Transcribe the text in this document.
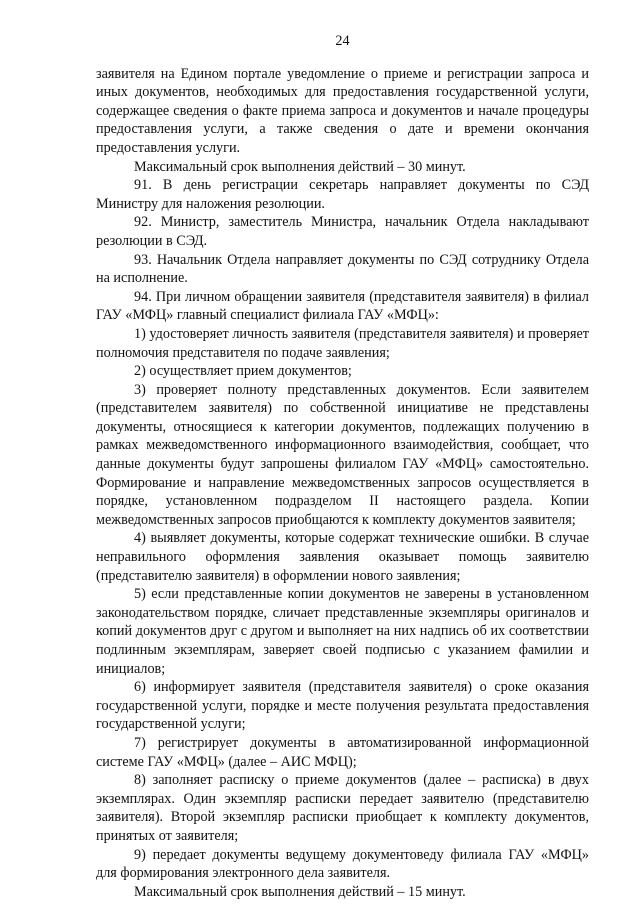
24

заявителя на Едином портале уведомление о приеме и регистрации запроса и иных документов, необходимых для предоставления государственной услуги, содержащее сведения о факте приема запроса и документов и начале процедуры предоставления услуги, а также сведения о дате и времени окончания предоставления услуги.

Максимальный срок выполнения действий – 30 минут.

91. В день регистрации секретарь направляет документы по СЭД Министру для наложения резолюции.

92. Министр, заместитель Министра, начальник Отдела накладывают резолюции в СЭД.

93. Начальник Отдела направляет документы по СЭД сотруднику Отдела на исполнение.

94. При личном обращении заявителя (представителя заявителя) в филиал ГАУ «МФЦ» главный специалист филиала ГАУ «МФЦ»:

1) удостоверяет личность заявителя (представителя заявителя) и проверяет полномочия представителя по подаче заявления;

2) осуществляет прием документов;

3) проверяет полноту представленных документов. Если заявителем (представителем заявителя) по собственной инициативе не представлены документы, относящиеся к категории документов, подлежащих получению в рамках межведомственного информационного взаимодействия, сообщает, что данные документы будут запрошены филиалом ГАУ «МФЦ» самостоятельно. Формирование и направление межведомственных запросов осуществляется в порядке, установленном подразделом II настоящего раздела. Копии межведомственных запросов приобщаются к комплекту документов заявителя;

4) выявляет документы, которые содержат технические ошибки. В случае неправильного оформления заявления оказывает помощь заявителю (представителю заявителя) в оформлении нового заявления;

5) если представленные копии документов не заверены в установленном законодательством порядке, сличает представленные экземпляры оригиналов и копий документов друг с другом и выполняет на них надпись об их соответствии подлинным экземплярам, заверяет своей подписью с указанием фамилии и инициалов;

6) информирует заявителя (представителя заявителя) о сроке оказания государственной услуги, порядке и месте получения результата предоставления государственной услуги;

7) регистрирует документы в автоматизированной информационной системе ГАУ «МФЦ» (далее – АИС МФЦ);

8) заполняет расписку о приеме документов (далее – расписка) в двух экземплярах. Один экземпляр расписки передает заявителю (представителю заявителя). Второй экземпляр расписки приобщает к комплекту документов, принятых от заявителя;

9) передает документы ведущему документоведу филиала ГАУ «МФЦ» для формирования электронного дела заявителя.

Максимальный срок выполнения действий – 15 минут.
